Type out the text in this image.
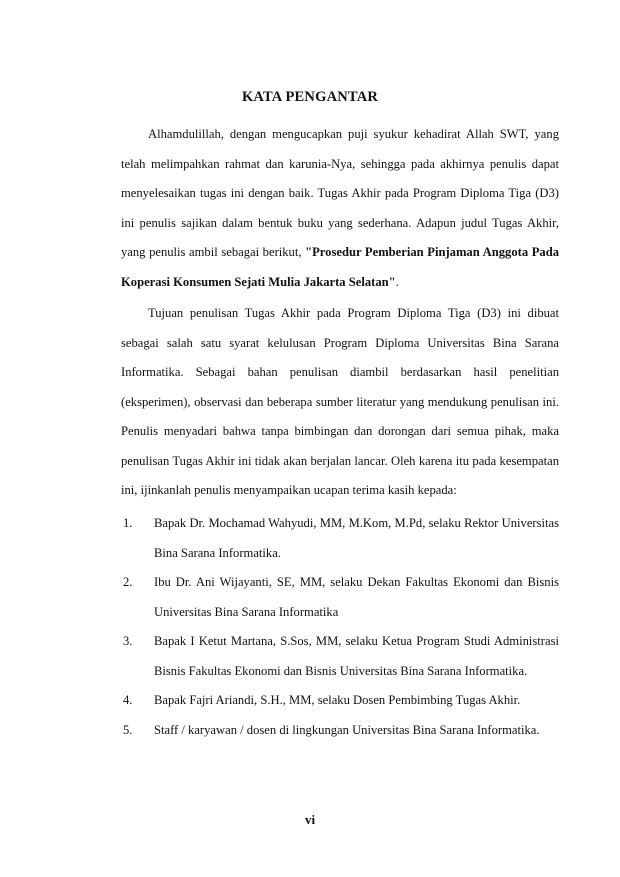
KATA PENGANTAR

Alhamdulillah, dengan mengucapkan puji syukur kehadirat Allah SWT, yang telah melimpahkan rahmat dan karunia-Nya, sehingga pada akhirnya penulis dapat menyelesaikan tugas ini dengan baik. Tugas Akhir pada Program Diploma Tiga (D3) ini penulis sajikan dalam bentuk buku yang sederhana. Adapun judul Tugas Akhir, yang penulis ambil sebagai berikut, "Prosedur Pemberian Pinjaman Anggota Pada Koperasi Konsumen Sejati Mulia Jakarta Selatan".

Tujuan penulisan Tugas Akhir pada Program Diploma Tiga (D3) ini dibuat sebagai salah satu syarat kelulusan Program Diploma Universitas Bina Sarana Informatika. Sebagai bahan penulisan diambil berdasarkan hasil penelitian (eksperimen), observasi dan beberapa sumber literatur yang mendukung penulisan ini. Penulis menyadari bahwa tanpa bimbingan dan dorongan dari semua pihak, maka penulisan Tugas Akhir ini tidak akan berjalan lancar. Oleh karena itu pada kesempatan ini, ijinkanlah penulis menyampaikan ucapan terima kasih kepada:

1. Bapak Dr. Mochamad Wahyudi, MM, M.Kom, M.Pd, selaku Rektor Universitas Bina Sarana Informatika.
2. Ibu Dr. Ani Wijayanti, SE, MM, selaku Dekan Fakultas Ekonomi dan Bisnis Universitas Bina Sarana Informatika
3. Bapak I Ketut Martana, S.Sos, MM, selaku Ketua Program Studi Administrasi Bisnis Fakultas Ekonomi dan Bisnis Universitas Bina Sarana Informatika.
4. Bapak Fajri Ariandi, S.H., MM, selaku Dosen Pembimbing Tugas Akhir.
5. Staff / karyawan / dosen di lingkungan Universitas Bina Sarana Informatika.
vi
